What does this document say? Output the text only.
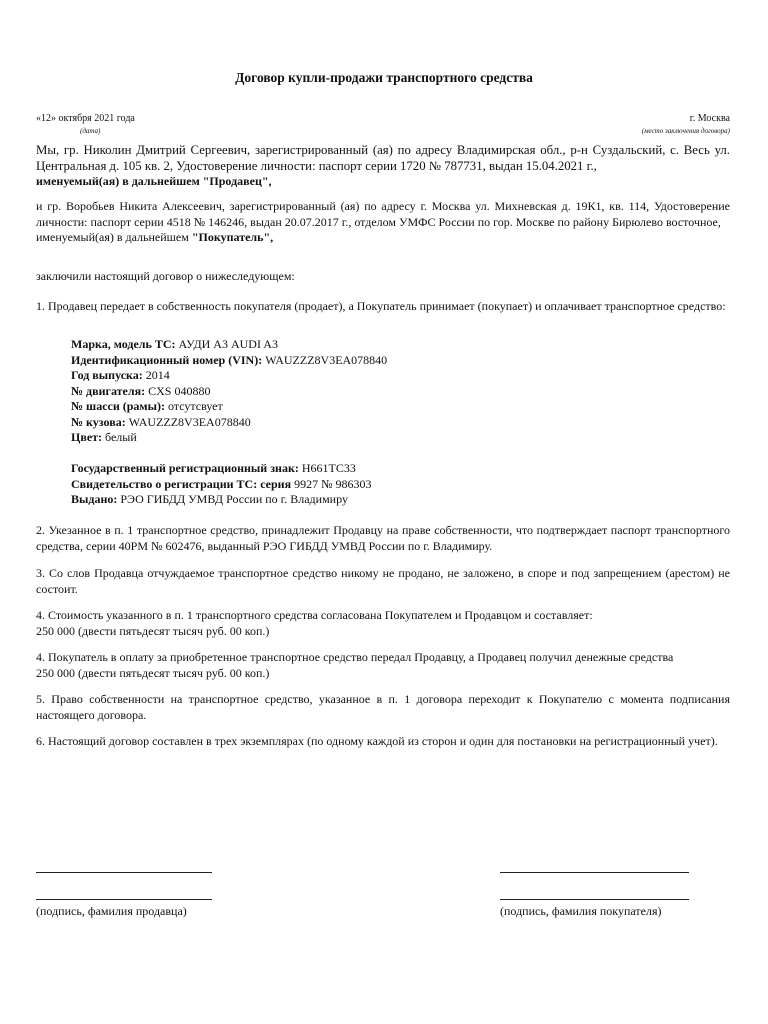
Договор купли-продажи транспортного средства
«12» октября 2021 года
(дата)
г. Москва
(место заключения договора)
Мы, гр. Николин Дмитрий Сергеевич, зарегистрированный (ая) по адресу Владимирская обл., р-н Суздальский, с. Весь ул. Центральная д. 105 кв. 2, Удостоверение личности: паспорт серии 1720 № 787731, выдан 15.04.2021 г.,
именуемый(ая) в дальнейшем "Продавец",
и гр. Воробьев Никита Алексеевич, зарегистрированный (ая) по адресу г. Москва ул. Михневская д. 19К1, кв. 114, Удостоверение личности: паспорт серии 4518 № 146246, выдан 20.07.2017 г., отделом УМФС России по гор. Москве по району Бирюлево восточное,
именуемый(ая) в дальнейшем "Покупатель",
заключили настоящий договор о нижеследующем:
1. Продавец передает в собственность покупателя (продает), а Покупатель принимает (покупает) и оплачивает транспортное средство:
Марка, модель ТС: АУДИ А3 AUDI A3
Идентификационный номер (VIN): WAUZZZ8V3EA078840
Год выпуска: 2014
№ двигателя: CXS 040880
№ шасси (рамы): отсутсвует
№ кузова: WAUZZZ8V3EA078840
Цвет: белый
Государственный регистрационный знак: Н661ТС33
Свидетельство о регистрации ТС: серия 9927 № 986303
Выдано: РЭО ГИБДД УМВД России по г. Владимиру
2. Укезанное в п. 1 транспортное средство, принадлежит Продавцу на праве собственности, что подтверждает паспорт транспортного средства, серии 40РМ № 602476, выданный РЭО ГИБДД УМВД России по г. Владимиру.
3. Со слов Продавца отчуждаемое транспортное средство никому не продано, не заложено, в споре и под запрещением (арестом) не состоит.
4. Стоимость указанного в п. 1 транспортного средства согласована Покупателем и Продавцом и составляет:
250 000 (двести пятьдесят тысяч руб. 00 коп.)
4. Покупатель в оплату за приобретенное транспортное средство передал Продавцу, а Продавец получил денежные средства
250 000 (двести пятьдесят тысяч руб. 00 коп.)
5. Право собственности на транспортное средство, указанное в п. 1 договора переходит к Покупателю с момента подписания настоящего договора.
6. Настоящий договор составлен в трех экземплярах (по одному каждой из сторон и один для постановки на регистрационный учет).
(подпись, фамилия продавца)	(подпись, фамилия покупателя)
